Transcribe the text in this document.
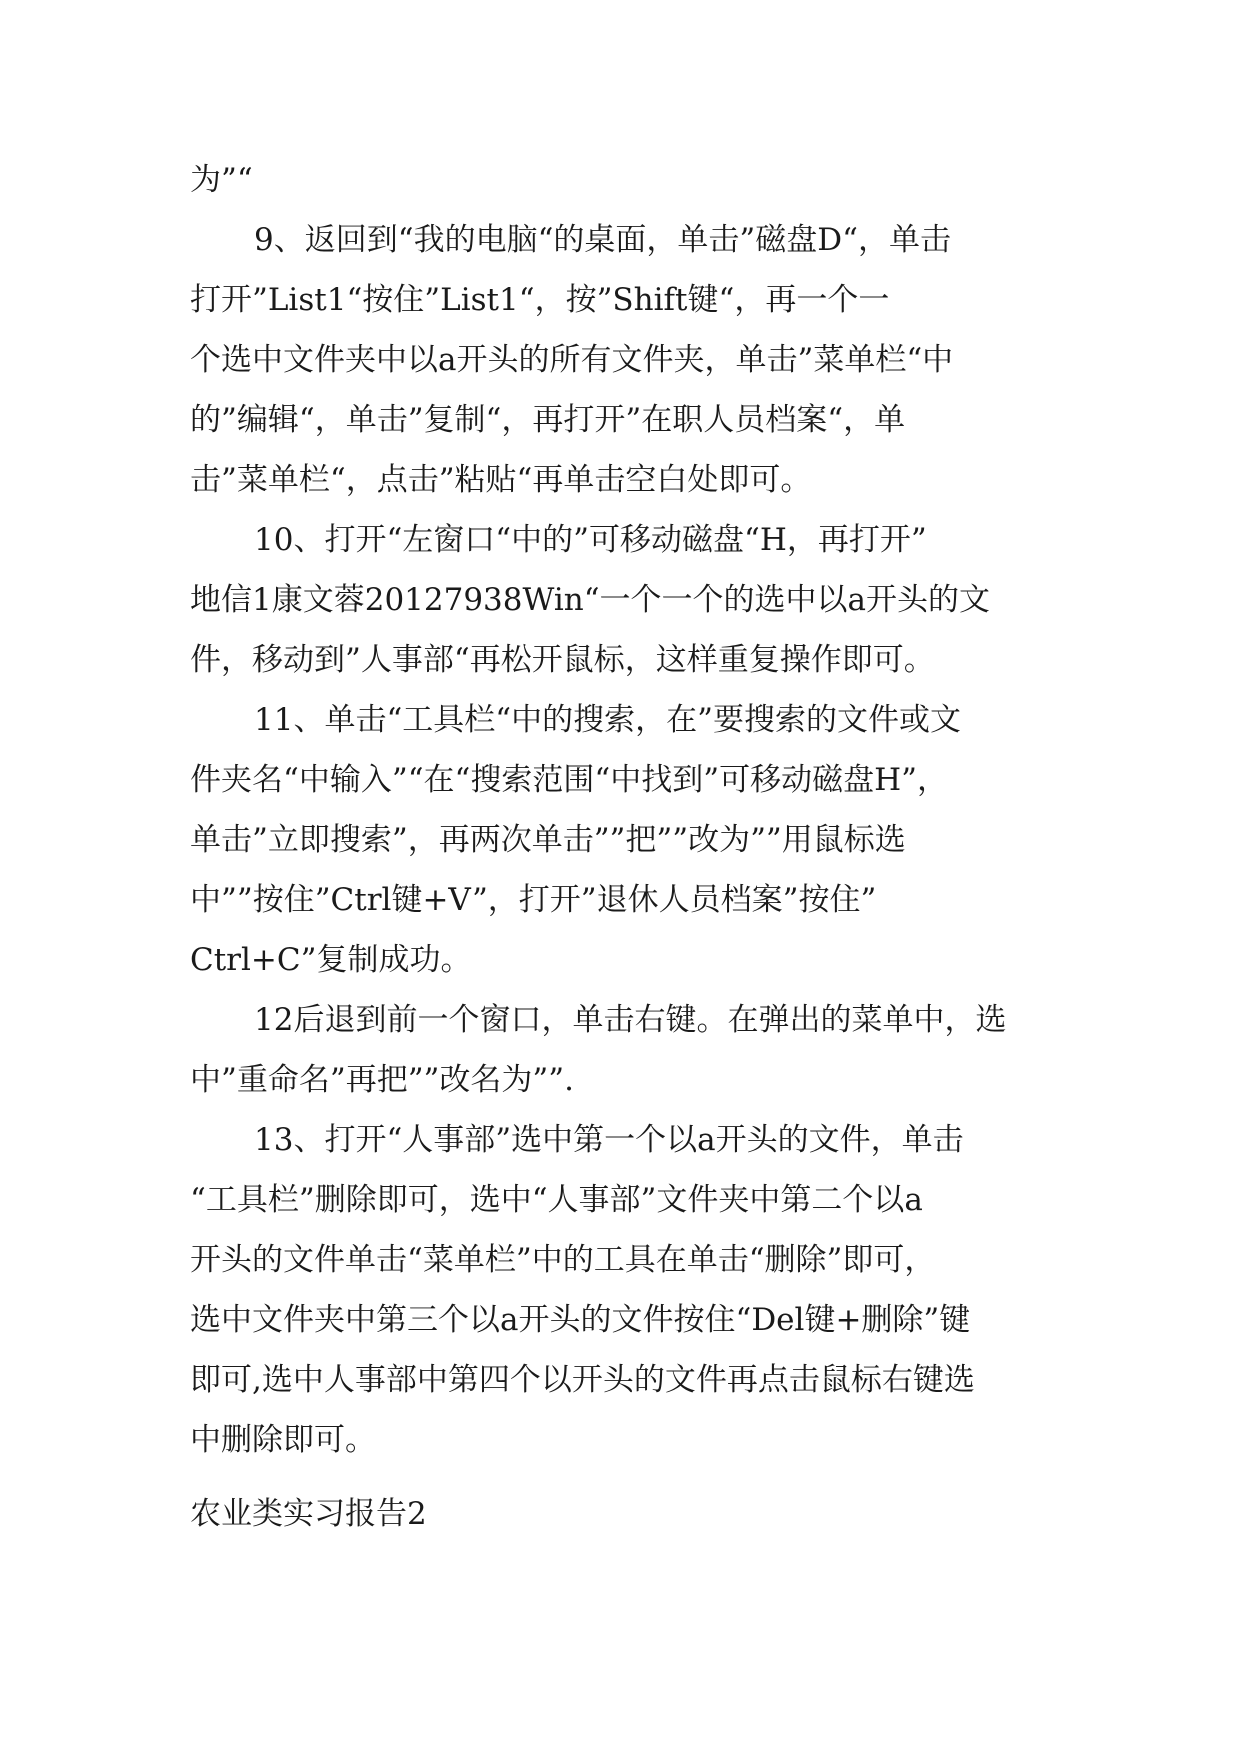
为”“
9、返回到“我的电脑“的桌面，单击”磁盘D“，单击
打开”List1“按住”List1“，按”Shift键“，再一个一
个选中文件夹中以a开头的所有文件夹，单击”菜单栏“中
的”编辑“，单击”复制“，再打开”在职人员档案“，单
击”菜单栏“，点击”粘贴“再单击空白处即可。
10、打开“左窗口“中的”可移动磁盘“H，再打开”
地信1康文蓉20127938Win“一个一个的选中以a开头的文
件，移动到”人事部“再松开鼠标，这样重复操作即可。
11、单击“工具栏“中的搜索，在”要搜索的文件或文
件夹名“中输入”“在“搜索范围“中找到”可移动磁盘H”，
单击”立即搜索”，再两次单击””把””改为””用鼠标选
中””按住”Ctrl键+V”，打开”退休人员档案”按住”
Ctrl+C”复制成功。
12后退到前一个窗口，单击右键。在弹出的菜单中，选
中”重命名”再把””改名为””.
13、打开“人事部”选中第一个以a开头的文件，单击
“工具栏”删除即可，选中“人事部”文件夹中第二个以a
开头的文件单击“菜单栏”中的工具在单击“删除”即可，
选中文件夹中第三个以a开头的文件按住“Del键+删除”键
即可,选中人事部中第四个以开头的文件再点击鼠标右键选
中删除即可。
农业类实习报告2
